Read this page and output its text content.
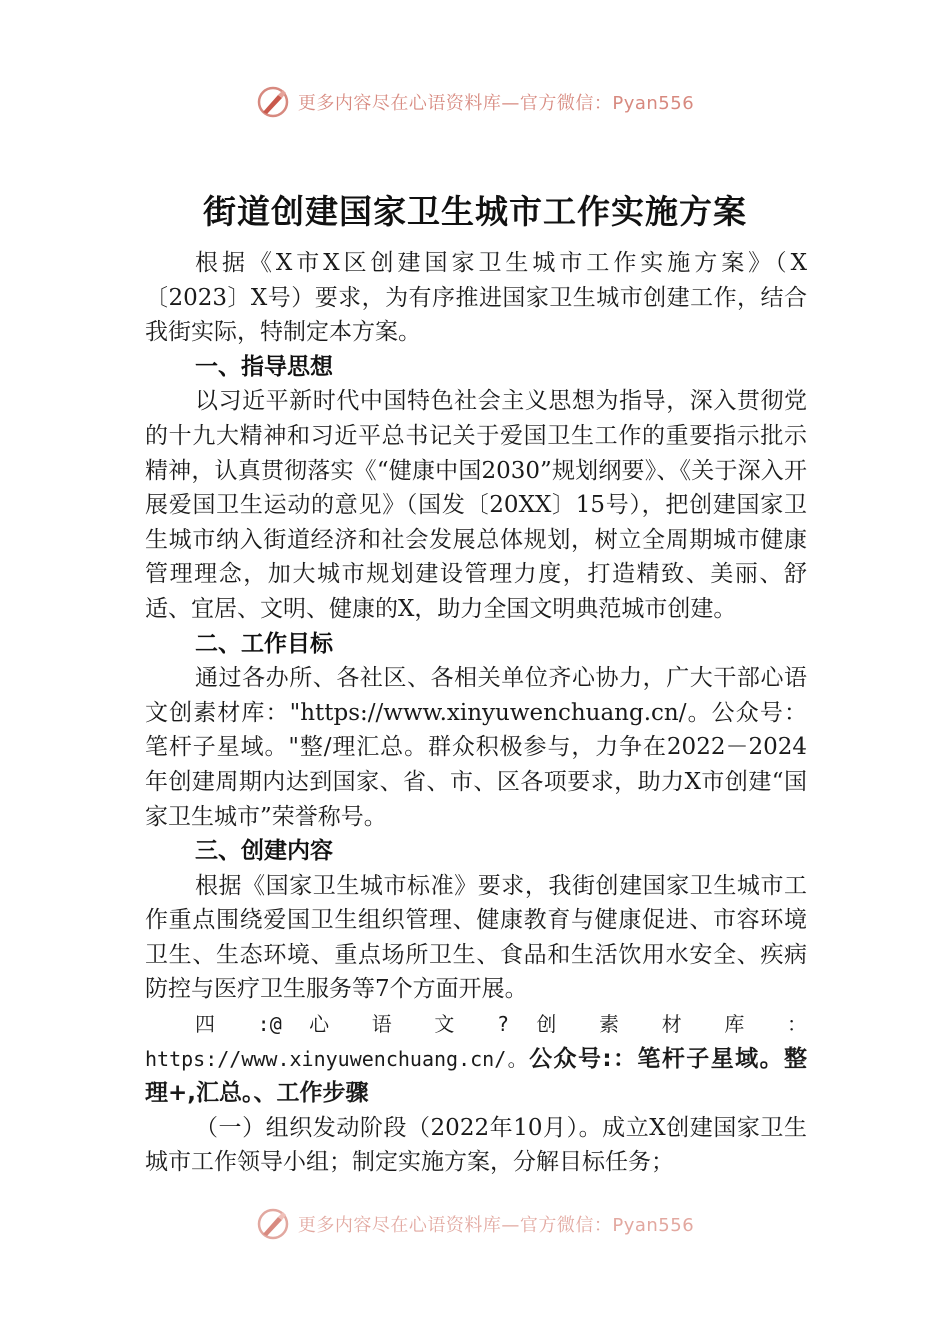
更多内容尽在心语资料库—官方微信：Pyan556
街道创建国家卫生城市工作实施方案

根据《X市X区创建国家卫生城市工作实施方案》（X〔2023〕X号）要求，为有序推进国家卫生城市创建工作，结合我街实际，特制定本方案。

一、指导思想

以习近平新时代中国特色社会主义思想为指导，深入贯彻党的十九大精神和习近平总书记关于爱国卫生工作的重要指示批示精神，认真贯彻落实《“健康中国2030”规划纲要》、《关于深入开展爱国卫生运动的意见》（国发〔20XX〕15号），把创建国家卫生城市纳入街道经济和社会发展总体规划，树立全周期城市健康管理理念，加大城市规划建设管理力度，打造精致、美丽、舒适、宜居、文明、健康的X，助力全国文明典范城市创建。

二、工作目标

通过各办所、各社区、各相关单位齐心协力，广大干部心语文创素材库："https://www.xinyuwenchuang.cn/。公众号：笔杆子星域。"整/理汇总。群众积极参与，力争在2022－2024年创建周期内达到国家、省、市、区各项要求，助力X市创建“国家卫生城市”荣誉称号。

三、创建内容

根据《国家卫生城市标准》要求，我街创建国家卫生城市工作重点围绕爱国卫生组织管理、健康教育与健康促进、市容环境卫生、生态环境、重点场所卫生、食品和生活饮用水安全、疾病防控与医疗卫生服务等7个方面开展。

四 :@ 心 语 文 ? 创 素 材 库 ：https://www.xinyuwenchuang.cn/。公众号:：笔杆子星域。整理+,汇总。、工作步骤

（一）组织发动阶段（2022年10月）。成立X创建国家卫生城市工作领导小组；制定实施方案，分解目标任务；

更多内容尽在心语资料库—官方微信：Pyan556
